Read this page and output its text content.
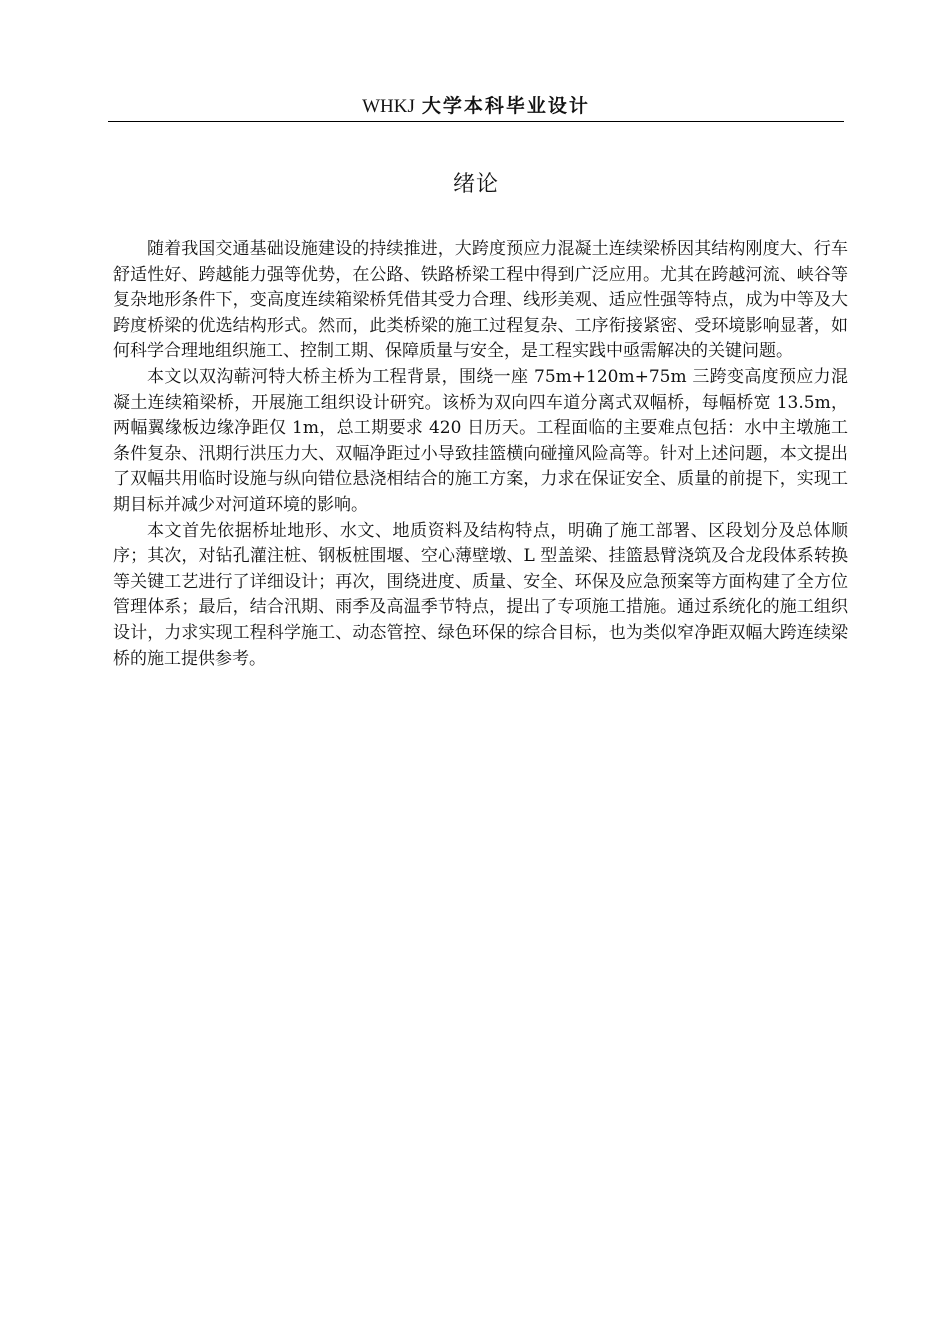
WHKJ 大学本科毕业设计
绪论

随着我国交通基础设施建设的持续推进，大跨度预应力混凝土连续梁桥因其结构刚度大、行车舒适性好、跨越能力强等优势，在公路、铁路桥梁工程中得到广泛应用。尤其在跨越河流、峡谷等复杂地形条件下，变高度连续箱梁桥凭借其受力合理、线形美观、适应性强等特点，成为中等及大跨度桥梁的优选结构形式。然而，此类桥梁的施工过程复杂、工序衔接紧密、受环境影响显著，如何科学合理地组织施工、控制工期、保障质量与安全，是工程实践中亟需解决的关键问题。

本文以双沟蕲河特大桥主桥为工程背景，围绕一座 75m+120m+75m 三跨变高度预应力混凝土连续箱梁桥，开展施工组织设计研究。该桥为双向四车道分离式双幅桥，每幅桥宽 13.5m，两幅翼缘板边缘净距仅 1m，总工期要求 420 日历天。工程面临的主要难点包括：水中主墩施工条件复杂、汛期行洪压力大、双幅净距过小导致挂篮横向碰撞风险高等。针对上述问题，本文提出了双幅共用临时设施与纵向错位悬浇相结合的施工方案，力求在保证安全、质量的前提下，实现工期目标并减少对河道环境的影响。

本文首先依据桥址地形、水文、地质资料及结构特点，明确了施工部署、区段划分及总体顺序；其次，对钻孔灌注桩、钢板桩围堰、空心薄壁墩、L 型盖梁、挂篮悬臂浇筑及合龙段体系转换等关键工艺进行了详细设计；再次，围绕进度、质量、安全、环保及应急预案等方面构建了全方位管理体系；最后，结合汛期、雨季及高温季节特点，提出了专项施工措施。通过系统化的施工组织设计，力求实现工程科学施工、动态管控、绿色环保的综合目标，也为类似窄净距双幅大跨连续梁桥的施工提供参考。
